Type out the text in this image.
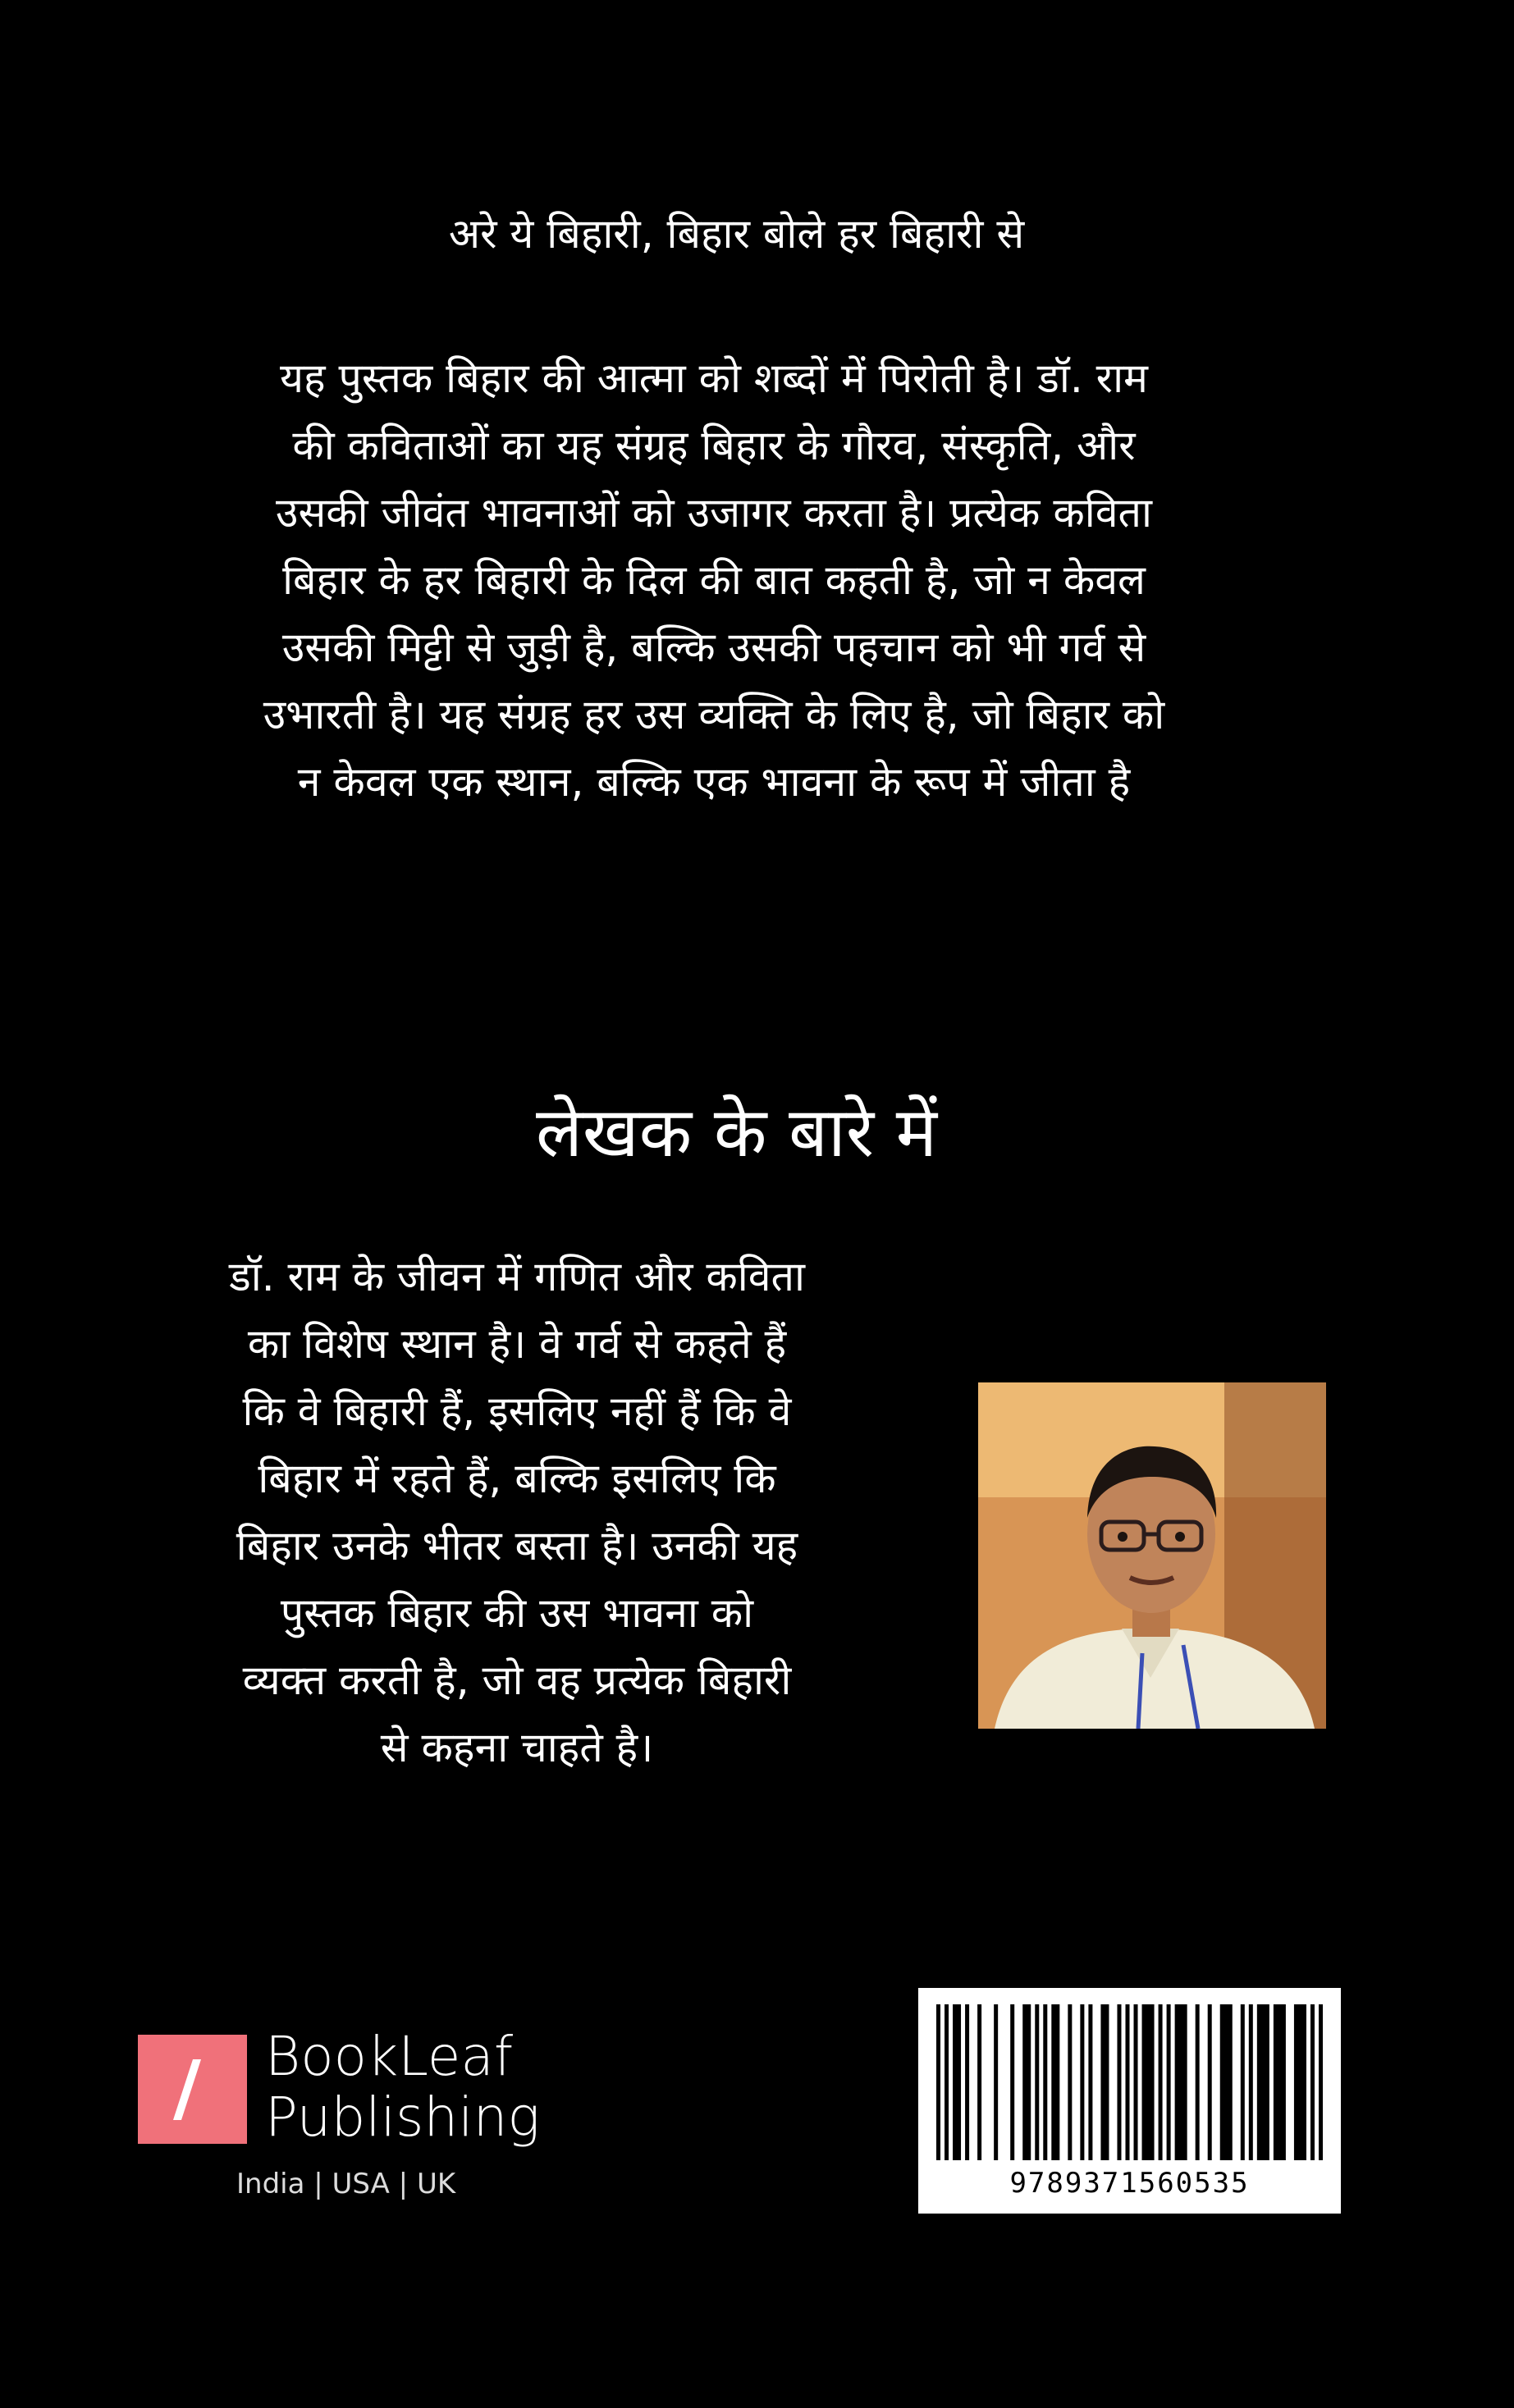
अरे ये बिहारी, बिहार बोले हर बिहारी से
यह पुस्तक बिहार की आत्मा को शब्दों में पिरोती है। डॉ. राम
की कविताओं का यह संग्रह बिहार के गौरव, संस्कृति, और
उसकी जीवंत भावनाओं को उजागर करता है। प्रत्येक कविता
बिहार के हर बिहारी के दिल की बात कहती है, जो न केवल
उसकी मिट्टी से जुड़ी है, बल्कि उसकी पहचान को भी गर्व से
उभारती है। यह संग्रह हर उस व्यक्ति के लिए है, जो बिहार को
न केवल एक स्थान, बल्कि एक भावना के रूप में जीता है
लेखक के बारे में
डॉ. राम के जीवन में गणित और कविता
का विशेष स्थान है। वे गर्व से कहते हैं
कि वे बिहारी हैं, इसलिए नहीं हैं कि वे
बिहार में रहते हैं, बल्कि इसलिए कि
बिहार उनके भीतर बस्ता है। उनकी यह
पुस्तक बिहार की उस भावना को
व्यक्त करती है, जो वह प्रत्येक बिहारी
से कहना चाहते है।
BookLeaf
Publishing
India | USA | UK	9789371560535
